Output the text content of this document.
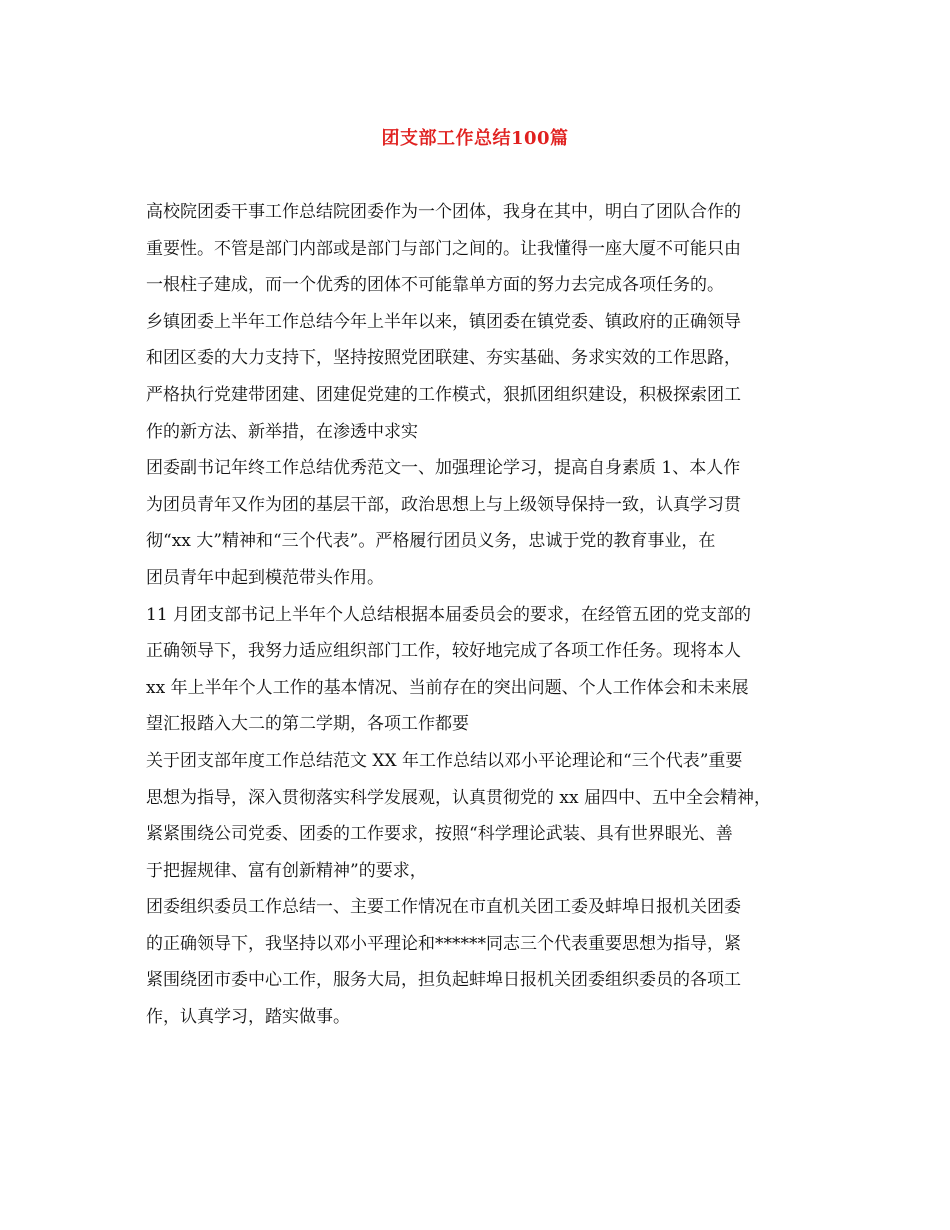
团支部工作总结100篇
高校院团委干事工作总结院团委作为一个团体，我身在其中，明白了团队合作的
重要性。不管是部门内部或是部门与部门之间的。让我懂得一座大厦不可能只由
一根柱子建成，而一个优秀的团体不可能靠单方面的努力去完成各项任务的。
乡镇团委上半年工作总结今年上半年以来，镇团委在镇党委、镇政府的正确领导
和团区委的大力支持下，坚持按照党团联建、夯实基础、务求实效的工作思路，
严格执行党建带团建、团建促党建的工作模式，狠抓团组织建设，积极探索团工
作的新方法、新举措，在渗透中求实
团委副书记年终工作总结优秀范文一、加强理论学习，提高自身素质 1、本人作
为团员青年又作为团的基层干部，政治思想上与上级领导保持一致，认真学习贯
彻“xx 大”精神和“三个代表”。严格履行团员义务，忠诚于党的教育事业，在
团员青年中起到模范带头作用。
11 月团支部书记上半年个人总结根据本届委员会的要求，在经管五团的党支部的
正确领导下，我努力适应组织部门工作，较好地完成了各项工作任务。现将本人
xx 年上半年个人工作的基本情况、当前存在的突出问题、个人工作体会和未来展
望汇报踏入大二的第二学期，各项工作都要
关于团支部年度工作总结范文 XX 年工作总结以邓小平论理论和“三个代表”重要
思想为指导，深入贯彻落实科学发展观，认真贯彻党的 xx 届四中、五中全会精神，
紧紧围绕公司党委、团委的工作要求，按照“科学理论武装、具有世界眼光、善
于把握规律、富有创新精神”的要求，
团委组织委员工作总结一、主要工作情况在市直机关团工委及蚌埠日报机关团委
的正确领导下，我坚持以邓小平理论和******同志三个代表重要思想为指导，紧
紧围绕团市委中心工作，服务大局，担负起蚌埠日报机关团委组织委员的各项工
作，认真学习，踏实做事。
